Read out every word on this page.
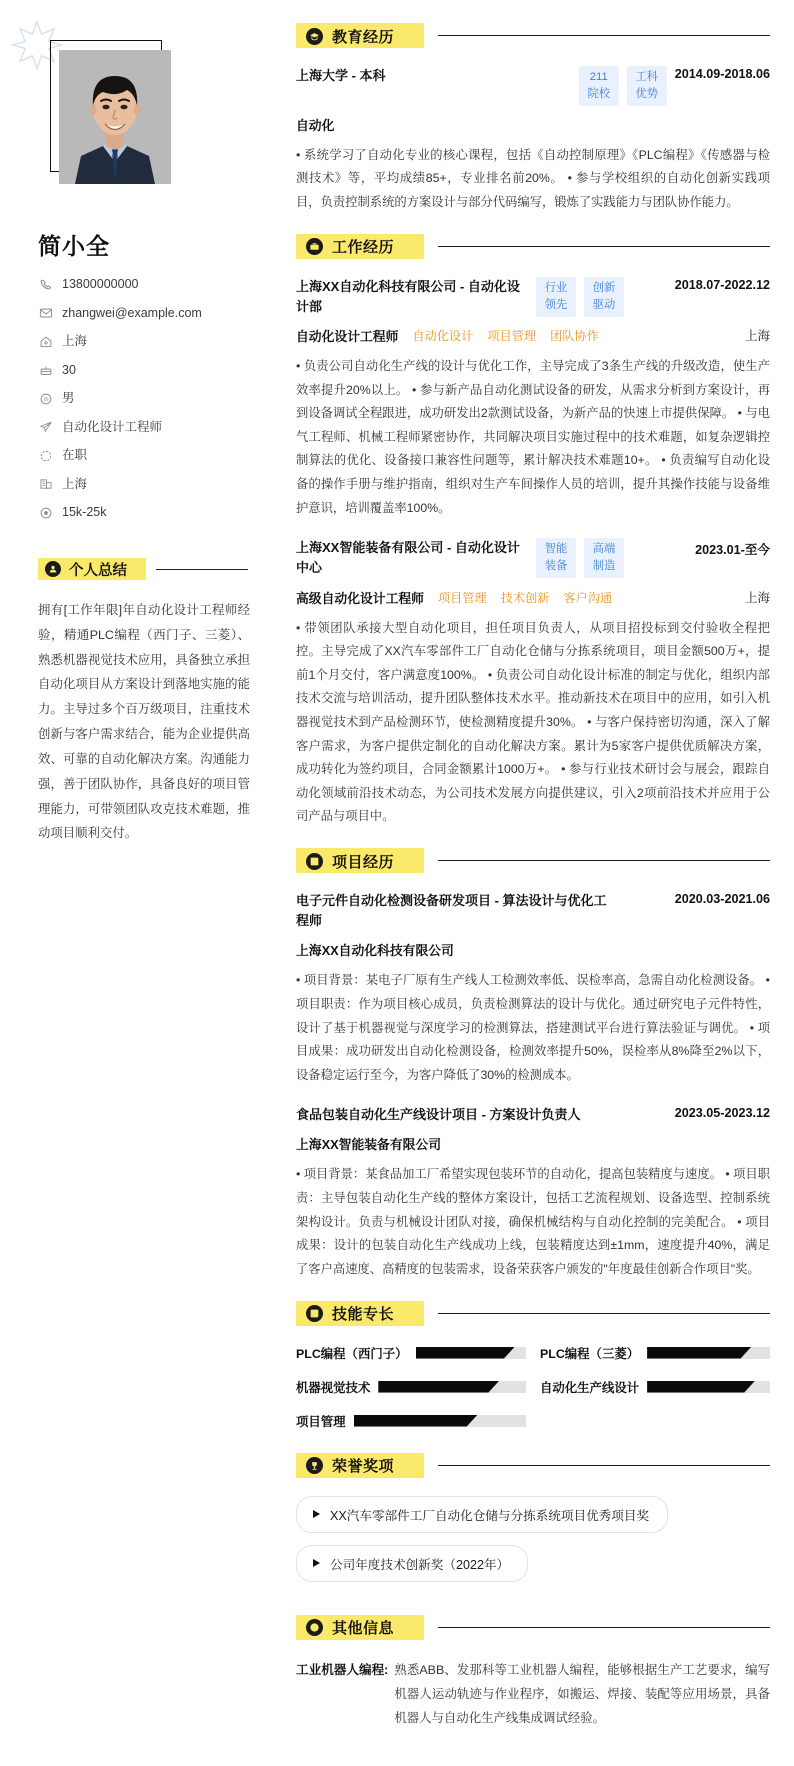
简小全
13800000000
zhangwei@example.com
上海
30
男
自动化设计工程师
在职
上海
15k-25k
个人总结

拥有[工作年限]年自动化设计工程师经验，精通PLC编程（西门子、三菱）、熟悉机器视觉技术应用，具备独立承担自动化项目从方案设计到落地实施的能力。主导过多个百万级项目，注重技术创新与客户需求结合，能为企业提供高效、可靠的自动化解决方案。沟通能力强，善于团队协作，具备良好的项目管理能力，可带领团队攻克技术难题，推动项目顺利交付。

教育经历
上海大学 - 本科	211院校
工科优势
2014.09-2018.06
自动化

• 系统学习了自动化专业的核心课程，包括《自动控制原理》《PLC编程》《传感器与检测技术》等，平均成绩85+，专业排名前20%。 • 参与学校组织的自动化创新实践项目，负责控制系统的方案设计与部分代码编写，锻炼了实践能力与团队协作能力。

工作经历
上海XX自动化科技有限公司 - 自动化设计部
行业领先
创新驱动
2018.07-2022.12
自动化设计工程师 自动化设计 项目管理 团队协作	上海

• 负责公司自动化生产线的设计与优化工作，主导完成了3条生产线的升级改造，使生产效率提升20%以上。 • 参与新产品自动化测试设备的研发，从需求分析到方案设计，再到设备调试全程跟进，成功研发出2款测试设备，为新产品的快速上市提供保障。 • 与电气工程师、机械工程师紧密协作，共同解决项目实施过程中的技术难题，如复杂逻辑控制算法的优化、设备接口兼容性问题等，累计解决技术难题10+。 • 负责编写自动化设备的操作手册与维护指南，组织对生产车间操作人员的培训，提升其操作技能与设备维护意识，培训覆盖率100%。

上海XX智能装备有限公司 - 自动化设计中心
智能装备
高端制造
2023.01-至今
高级自动化设计工程师 项目管理 技术创新 客户沟通	上海

• 带领团队承接大型自动化项目，担任项目负责人，从项目招投标到交付验收全程把控。主导完成了XX汽车零部件工厂自动化仓储与分拣系统项目，项目金额500万+，提前1个月交付，客户满意度100%。 • 负责公司自动化设计标准的制定与优化，组织内部技术交流与培训活动，提升团队整体技术水平。推动新技术在项目中的应用，如引入机器视觉技术到产品检测环节，使检测精度提升30%。 • 与客户保持密切沟通，深入了解客户需求，为客户提供定制化的自动化解决方案。累计为5家客户提供优质解决方案，成功转化为签约项目，合同金额累计1000万+。 • 参与行业技术研讨会与展会，跟踪自动化领域前沿技术动态，为公司技术发展方向提供建议，引入2项前沿技术并应用于公司产品与项目中。

项目经历
电子元件自动化检测设备研发项目 - 算法设计与优化工程师
2020.03-2021.06
上海XX自动化科技有限公司

• 项目背景：某电子厂原有生产线人工检测效率低、误检率高，急需自动化检测设备。 • 项目职责：作为项目核心成员，负责检测算法的设计与优化。通过研究电子元件特性，设计了基于机器视觉与深度学习的检测算法，搭建测试平台进行算法验证与调优。 • 项目成果：成功研发出自动化检测设备，检测效率提升50%，误检率从8%降至2%以下，设备稳定运行至今，为客户降低了30%的检测成本。

食品包装自动化生产线设计项目 - 方案设计负责人	2023.05-2023.12
上海XX智能装备有限公司

• 项目背景：某食品加工厂希望实现包装环节的自动化，提高包装精度与速度。 • 项目职责：主导包装自动化生产线的整体方案设计，包括工艺流程规划、设备选型、控制系统架构设计。负责与机械设计团队对接，确保机械结构与自动化控制的完美配合。 • 项目成果：设计的包装自动化生产线成功上线，包装精度达到±1mm，速度提升40%，满足了客户高速度、高精度的包装需求，设备荣获客户颁发的"年度最佳创新合作项目"奖。

技能专长
PLC编程（西门子）	PLC编程（三菱）
机器视觉技术	自动化生产线设计
项目管理
荣誉奖项
XX汽车零部件工厂自动化仓储与分拣系统项目优秀项目奖
公司年度技术创新奖（2022年）
其他信息
工业机器人编程: 熟悉ABB、发那科等工业机器人编程，能够根据生产工艺要求，编写机器人运动轨迹与作业程序，如搬运、焊接、装配等应用场景，具备机器人与自动化生产线集成调试经验。
